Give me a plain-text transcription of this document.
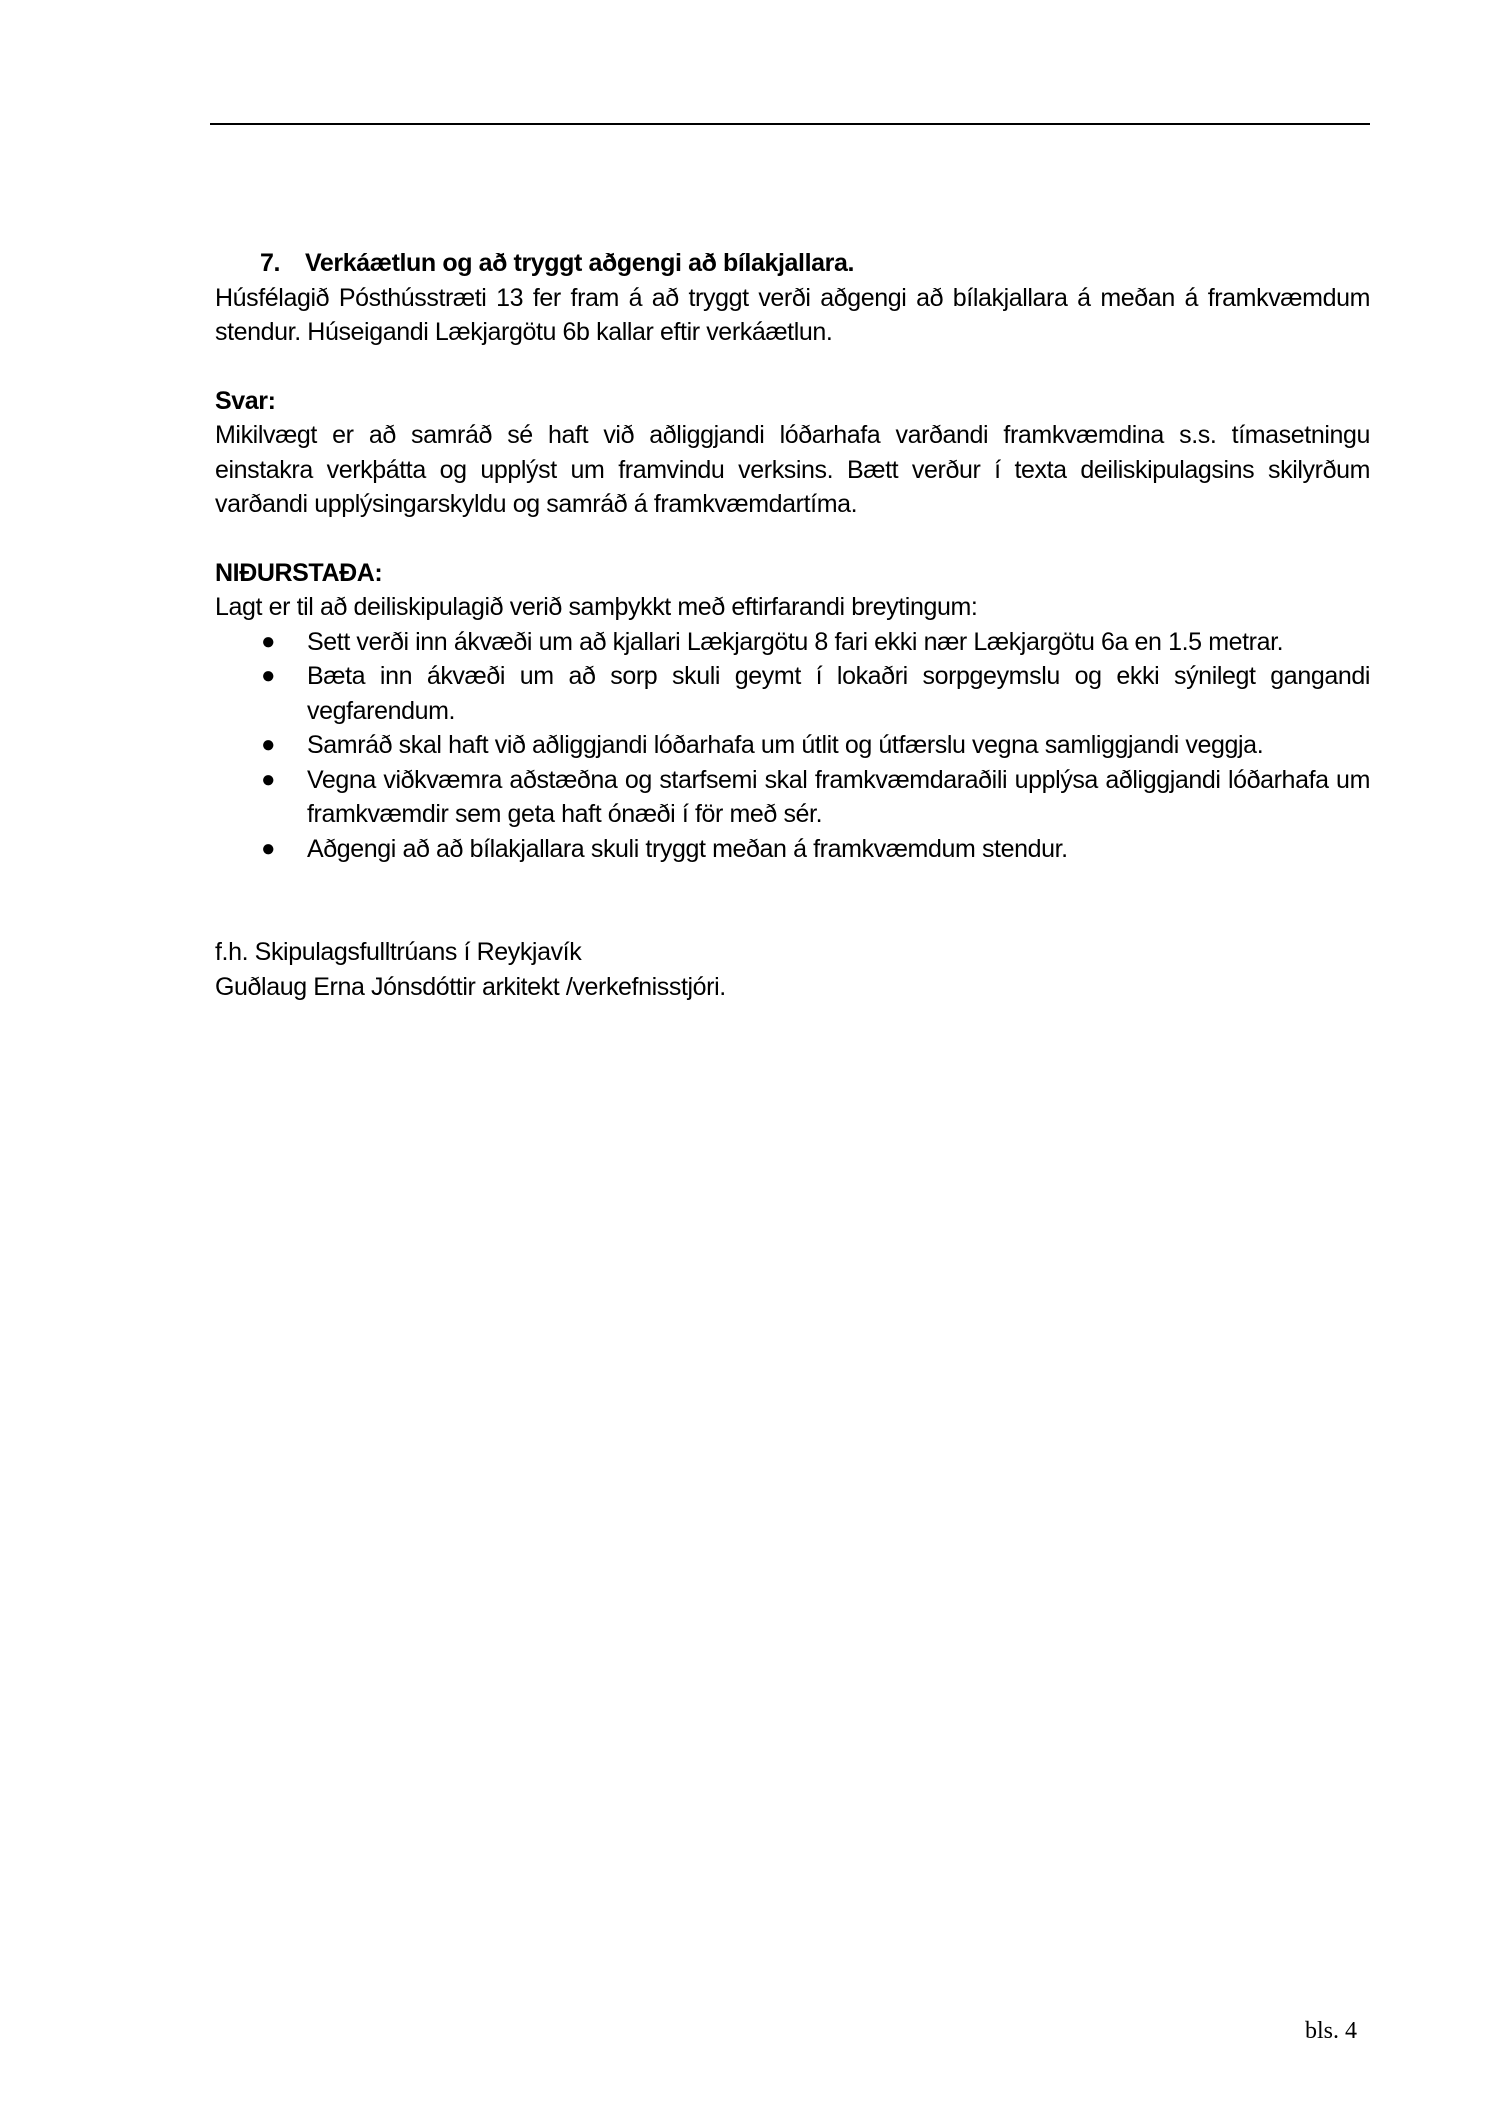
7. Verkáætlun og að tryggt aðgengi að bílakjallara.

Húsfélagið Pósthússtræti 13 fer fram á að tryggt verði aðgengi að bílakjallara á meðan á framkvæmdum stendur. Húseigandi Lækjargötu 6b kallar eftir verkáætlun.

Svar:

Mikilvægt er að samráð sé haft við aðliggjandi lóðarhafa varðandi framkvæmdina s.s. tímasetningu einstakra verkþátta og upplýst um framvindu verksins. Bætt verður í texta deiliskipulagsins skilyrðum varðandi upplýsingarskyldu og samráð á framkvæmdartíma.

NIÐURSTAÐA:

Lagt er til að deiliskipulagið verið samþykkt með eftirfarandi breytingum:

● Sett verði inn ákvæði um að kjallari Lækjargötu 8 fari ekki nær Lækjargötu 6a en 1.5 metrar.
● Bæta inn ákvæði um að sorp skuli geymt í lokaðri sorpgeymslu og ekki sýnilegt gangandi vegfarendum.
● Samráð skal haft við aðliggjandi lóðarhafa um útlit og útfærslu vegna samliggjandi veggja.
● Vegna viðkvæmra aðstæðna og starfsemi skal framkvæmdaraðili upplýsa aðliggjandi lóðarhafa um framkvæmdir sem geta haft ónæði í för með sér.
● Aðgengi að að bílakjallara skuli tryggt meðan á framkvæmdum stendur.

f.h. Skipulagsfulltrúans í Reykjavík

Guðlaug Erna Jónsdóttir arkitekt /verkefnisstjóri.

bls. 4
